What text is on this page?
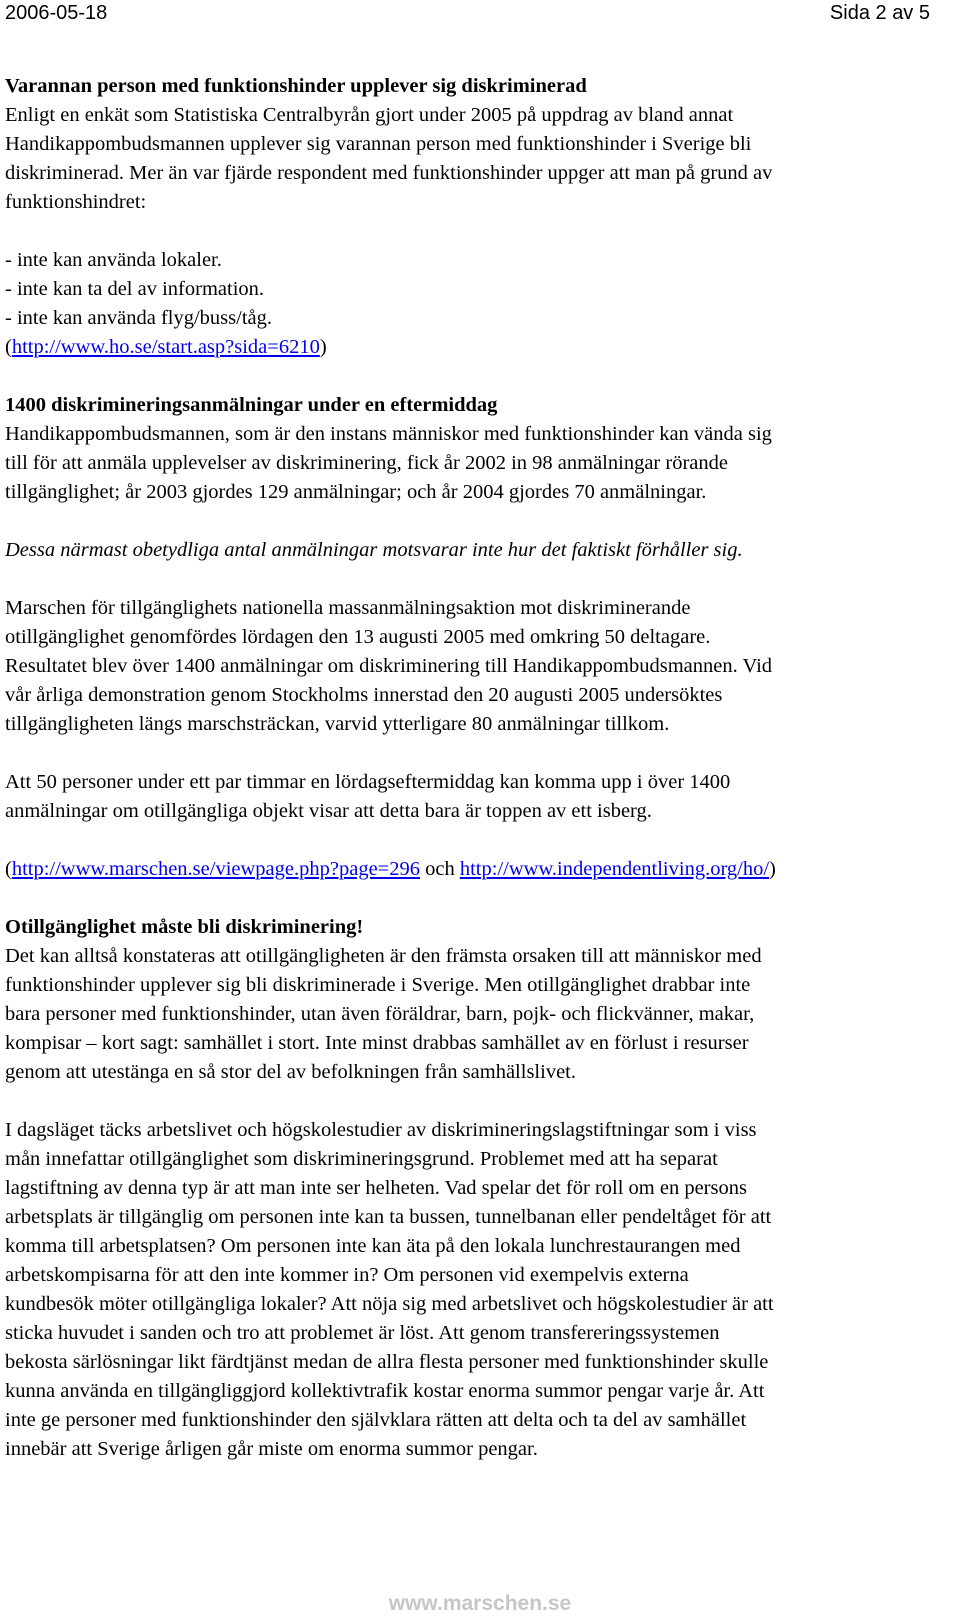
2006-05-18	Sida 2 av 5
Varannan person med funktionshinder upplever sig diskriminerad
Enligt en enkät som Statistiska Centralbyrån gjort under 2005 på uppdrag av bland annat
Handikappombudsmannen upplever sig varannan person med funktionshinder i Sverige bli
diskriminerad. Mer än var fjärde respondent med funktionshinder uppger att man på grund av
funktionshindret:
- inte kan använda lokaler.
- inte kan ta del av information.
- inte kan använda flyg/buss/tåg.
(http://www.ho.se/start.asp?sida=6210)
1400 diskrimineringsanmälningar under en eftermiddag
Handikappombudsmannen, som är den instans människor med funktionshinder kan vända sig
till för att anmäla upplevelser av diskriminering, fick år 2002 in 98 anmälningar rörande
tillgänglighet; år 2003 gjordes 129 anmälningar; och år 2004 gjordes 70 anmälningar.
Dessa närmast obetydliga antal anmälningar motsvarar inte hur det faktiskt förhåller sig.
Marschen för tillgänglighets nationella massanmälningsaktion mot diskriminerande
otillgänglighet genomfördes lördagen den 13 augusti 2005 med omkring 50 deltagare.
Resultatet blev över 1400 anmälningar om diskriminering till Handikappombudsmannen. Vid
vår årliga demonstration genom Stockholms innerstad den 20 augusti 2005 undersöktes
tillgängligheten längs marschsträckan, varvid ytterligare 80 anmälningar tillkom.
Att 50 personer under ett par timmar en lördagseftermiddag kan komma upp i över 1400
anmälningar om otillgängliga objekt visar att detta bara är toppen av ett isberg.
(http://www.marschen.se/viewpage.php?page=296 och http://www.independentliving.org/ho/)
Otillgänglighet måste bli diskriminering!
Det kan alltså konstateras att otillgängligheten är den främsta orsaken till att människor med
funktionshinder upplever sig bli diskriminerade i Sverige. Men otillgänglighet drabbar inte
bara personer med funktionshinder, utan även föräldrar, barn, pojk- och flickvänner, makar,
kompisar – kort sagt: samhället i stort. Inte minst drabbas samhället av en förlust i resurser
genom att utestänga en så stor del av befolkningen från samhällslivet.
I dagsläget täcks arbetslivet och högskolestudier av diskrimineringslagstiftningar som i viss
mån innefattar otillgänglighet som diskrimineringsgrund. Problemet med att ha separat
lagstiftning av denna typ är att man inte ser helheten. Vad spelar det för roll om en persons
arbetsplats är tillgänglig om personen inte kan ta bussen, tunnelbanan eller pendeltåget för att
komma till arbetsplatsen? Om personen inte kan äta på den lokala lunchrestaurangen med
arbetskompisarna för att den inte kommer in? Om personen vid exempelvis externa
kundbesök möter otillgängliga lokaler? Att nöja sig med arbetslivet och högskolestudier är att
sticka huvudet i sanden och tro att problemet är löst. Att genom transfereringssystemen
bekosta särlösningar likt färdtjänst medan de allra flesta personer med funktionshinder skulle
kunna använda en tillgängliggjord kollektivtrafik kostar enorma summor pengar varje år. Att
inte ge personer med funktionshinder den självklara rätten att delta och ta del av samhället
innebär att Sverige årligen går miste om enorma summor pengar.
www.marschen.se
